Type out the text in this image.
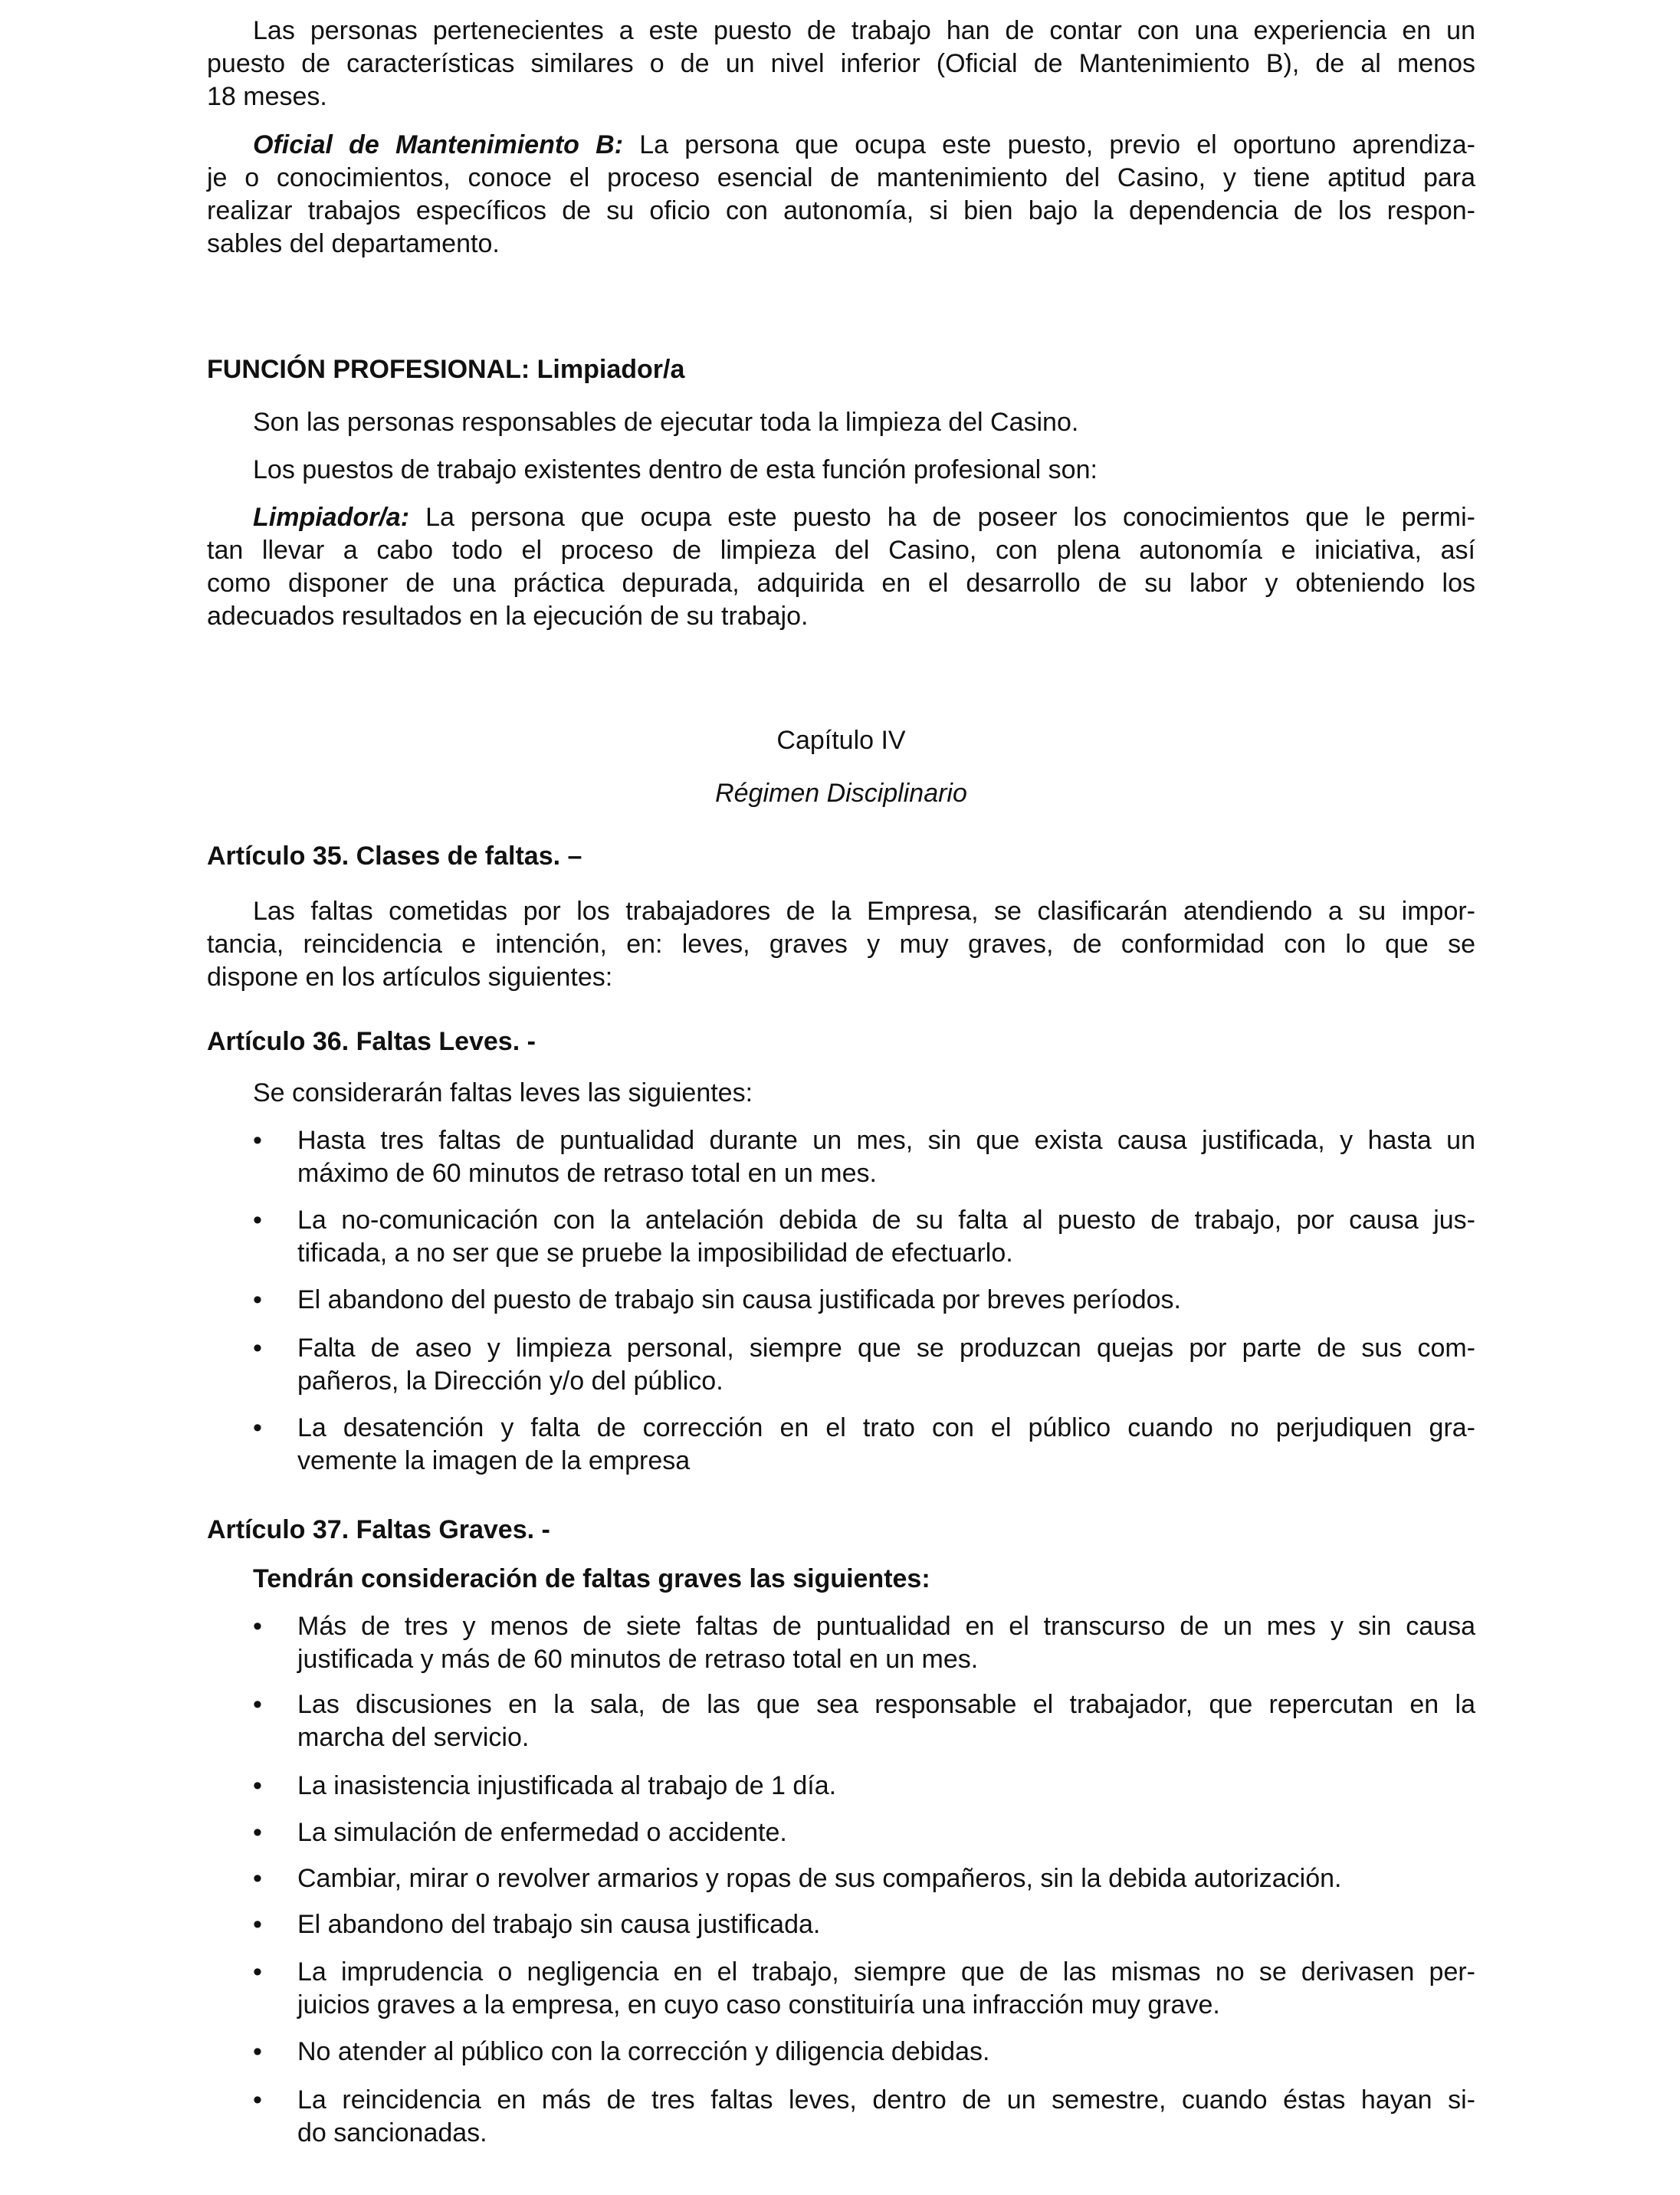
Las personas pertenecientes a este puesto de trabajo han de contar con una experiencia en un
puesto de características similares o de un nivel inferior (Oficial de Mantenimiento B), de al menos
18 meses.
Oficial de Mantenimiento B: La persona que ocupa este puesto, previo el oportuno aprendiza-
je o conocimientos, conoce el proceso esencial de mantenimiento del Casino, y tiene aptitud para
realizar trabajos específicos de su oficio con autonomía, si bien bajo la dependencia de los respon-
sables del departamento.
FUNCIÓN PROFESIONAL: Limpiador/a
Son las personas responsables de ejecutar toda la limpieza del Casino.
Los puestos de trabajo existentes dentro de esta función profesional son:
Limpiador/a: La persona que ocupa este puesto ha de poseer los conocimientos que le permi-
tan llevar a cabo todo el proceso de limpieza del Casino, con plena autonomía e iniciativa, así
como disponer de una práctica depurada, adquirida en el desarrollo de su labor y obteniendo los
adecuados resultados en la ejecución de su trabajo.
Capítulo IV
Régimen Disciplinario
Artículo 35. Clases de faltas. –
Las faltas cometidas por los trabajadores de la Empresa, se clasificarán atendiendo a su impor-
tancia, reincidencia e intención, en: leves, graves y muy graves, de conformidad con lo que se
dispone en los artículos siguientes:
Artículo 36. Faltas Leves. -
Se considerarán faltas leves las siguientes:
• Hasta tres faltas de puntualidad durante un mes, sin que exista causa justificada, y hasta un
máximo de 60 minutos de retraso total en un mes.
• La no-comunicación con la antelación debida de su falta al puesto de trabajo, por causa jus-
tificada, a no ser que se pruebe la imposibilidad de efectuarlo.
• El abandono del puesto de trabajo sin causa justificada por breves períodos.
• Falta de aseo y limpieza personal, siempre que se produzcan quejas por parte de sus com-
pañeros, la Dirección y/o del público.
• La desatención y falta de corrección en el trato con el público cuando no perjudiquen gra-
vemente la imagen de la empresa
Artículo 37. Faltas Graves. -
Tendrán consideración de faltas graves las siguientes:
• Más de tres y menos de siete faltas de puntualidad en el transcurso de un mes y sin causa
justificada y más de 60 minutos de retraso total en un mes.
• Las discusiones en la sala, de las que sea responsable el trabajador, que repercutan en la
marcha del servicio.
• La inasistencia injustificada al trabajo de 1 día.
• La simulación de enfermedad o accidente.
• Cambiar, mirar o revolver armarios y ropas de sus compañeros, sin la debida autorización.
• El abandono del trabajo sin causa justificada.
• La imprudencia o negligencia en el trabajo, siempre que de las mismas no se derivasen per-
juicios graves a la empresa, en cuyo caso constituiría una infracción muy grave.
• No atender al público con la corrección y diligencia debidas.
• La reincidencia en más de tres faltas leves, dentro de un semestre, cuando éstas hayan si-
do sancionadas.
